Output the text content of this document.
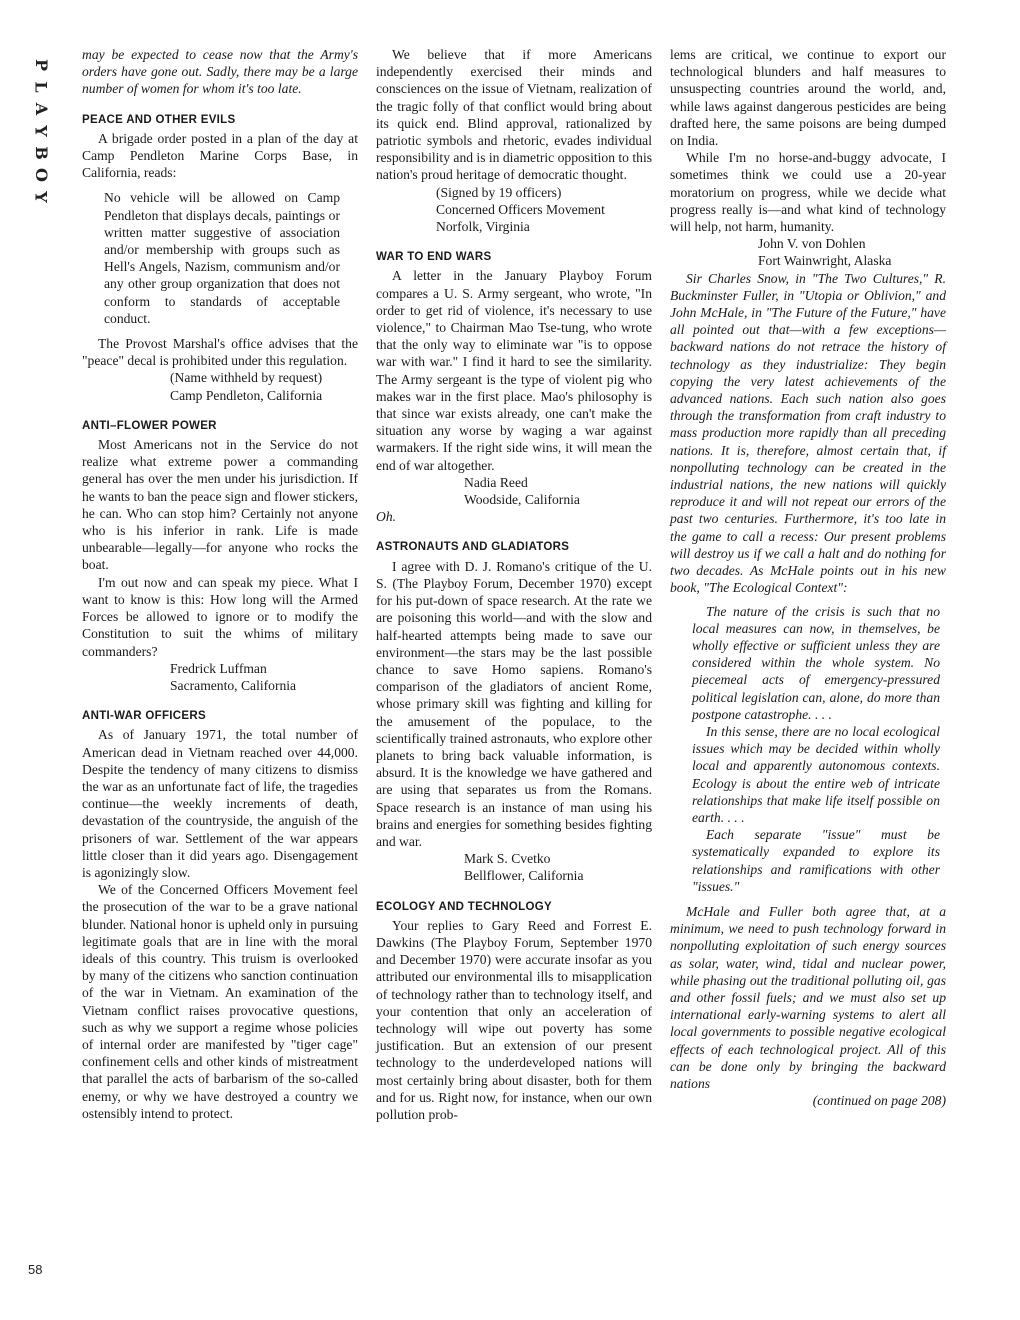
P
L
A
Y
B
O
Y
58

may be expected to cease now that the Army's orders have gone out. Sadly, there may be a large number of women for whom it's too late.

PEACE AND OTHER EVILS

A brigade order posted in a plan of the day at Camp Pendleton Marine Corps Base, in California, reads:

No vehicle will be allowed on Camp Pendleton that displays decals, paintings or written matter suggestive of association and/or membership with groups such as Hell's Angels, Nazism, communism and/or any other group organization that does not conform to standards of acceptable conduct.

The Provost Marshal's office advises that the "peace" decal is prohibited under this regulation.

(Name withheld by request)
Camp Pendleton, California
ANTI–FLOWER POWER

Most Americans not in the Service do not realize what extreme power a commanding general has over the men under his jurisdiction. If he wants to ban the peace sign and flower stickers, he can. Who can stop him? Certainly not anyone who is his inferior in rank. Life is made unbearable—legally—for anyone who rocks the boat.

I'm out now and can speak my piece. What I want to know is this: How long will the Armed Forces be allowed to ignore or to modify the Constitution to suit the whims of military commanders?

Fredrick Luffman
Sacramento, California
ANTI-WAR OFFICERS

As of January 1971, the total number of American dead in Vietnam reached over 44,000. Despite the tendency of many citizens to dismiss the war as an unfortunate fact of life, the tragedies continue—the weekly increments of death, devastation of the countryside, the anguish of the prisoners of war. Settlement of the war appears little closer than it did years ago. Disengagement is agonizingly slow.

We of the Concerned Officers Movement feel the prosecution of the war to be a grave national blunder. National honor is upheld only in pursuing legitimate goals that are in line with the moral ideals of this country. This truism is overlooked by many of the citizens who sanction continuation of the war in Vietnam. An examination of the Vietnam conflict raises provocative questions, such as why we support a regime whose policies of internal order are manifested by "tiger cage" confinement cells and other kinds of mistreatment that parallel the acts of barbarism of the so-called enemy, or why we have destroyed a country we ostensibly intend to protect.

We believe that if more Americans independently exercised their minds and consciences on the issue of Vietnam, realization of the tragic folly of that conflict would bring about its quick end. Blind approval, rationalized by patriotic symbols and rhetoric, evades individual responsibility and is in diametric opposition to this nation's proud heritage of democratic thought.

(Signed by 19 officers)
Concerned Officers Movement
Norfolk, Virginia
WAR TO END WARS

A letter in the January Playboy Forum compares a U. S. Army sergeant, who wrote, "In order to get rid of violence, it's necessary to use violence," to Chairman Mao Tse-tung, who wrote that the only way to eliminate war "is to oppose war with war." I find it hard to see the similarity. The Army sergeant is the type of violent pig who makes war in the first place. Mao's philosophy is that since war exists already, one can't make the situation any worse by waging a war against warmakers. If the right side wins, it will mean the end of war altogether.

Nadia Reed
Woodside, California

Oh.

ASTRONAUTS AND GLADIATORS

I agree with D. J. Romano's critique of the U. S. (The Playboy Forum, December 1970) except for his put-down of space research. At the rate we are poisoning this world—and with the slow and half-hearted attempts being made to save our environment—the stars may be the last possible chance to save Homo sapiens. Romano's comparison of the gladiators of ancient Rome, whose primary skill was fighting and killing for the amusement of the populace, to the scientifically trained astronauts, who explore other planets to bring back valuable information, is absurd. It is the knowledge we have gathered and are using that separates us from the Romans. Space research is an instance of man using his brains and energies for something besides fighting and war.

Mark S. Cvetko
Bellflower, California
ECOLOGY AND TECHNOLOGY

Your replies to Gary Reed and Forrest E. Dawkins (The Playboy Forum, September 1970 and December 1970) were accurate insofar as you attributed our environmental ills to misapplication of technology rather than to technology itself, and your contention that only an acceleration of technology will wipe out poverty has some justification. But an extension of our present technology to the underdeveloped nations will most certainly bring about disaster, both for them and for us. Right now, for instance, when our own pollution prob-

lems are critical, we continue to export our technological blunders and half measures to unsuspecting countries around the world, and, while laws against dangerous pesticides are being drafted here, the same poisons are being dumped on India.

While I'm no horse-and-buggy advocate, I sometimes think we could use a 20-year moratorium on progress, while we decide what progress really is—and what kind of technology will help, not harm, humanity.

John V. von Dohlen
Fort Wainwright, Alaska

Sir Charles Snow, in "The Two Cultures," R. Buckminster Fuller, in "Utopia or Oblivion," and John McHale, in "The Future of the Future," have all pointed out that—with a few exceptions—backward nations do not retrace the history of technology as they industrialize: They begin copying the very latest achievements of the advanced nations. Each such nation also goes through the transformation from craft industry to mass production more rapidly than all preceding nations. It is, therefore, almost certain that, if nonpolluting technology can be created in the industrial nations, the new nations will quickly reproduce it and will not repeat our errors of the past two centuries. Furthermore, it's too late in the game to call a recess: Our present problems will destroy us if we call a halt and do nothing for two decades. As McHale points out in his new book, "The Ecological Context":

The nature of the crisis is such that no local measures can now, in themselves, be wholly effective or sufficient unless they are considered within the whole system. No piecemeal acts of emergency-pressured political legislation can, alone, do more than postpone catastrophe. . . .

In this sense, there are no local ecological issues which may be decided within wholly local and apparently autonomous contexts. Ecology is about the entire web of intricate relationships that make life itself possible on earth. . . .

Each separate "issue" must be systematically expanded to explore its relationships and ramifications with other "issues."

McHale and Fuller both agree that, at a minimum, we need to push technology forward in nonpolluting exploitation of such energy sources as solar, water, wind, tidal and nuclear power, while phasing out the traditional polluting oil, gas and other fossil fuels; and we must also set up international early-warning systems to alert all local governments to possible negative ecological effects of each technological project. All of this can be done only by bringing the backward nations

(continued on page 208)
